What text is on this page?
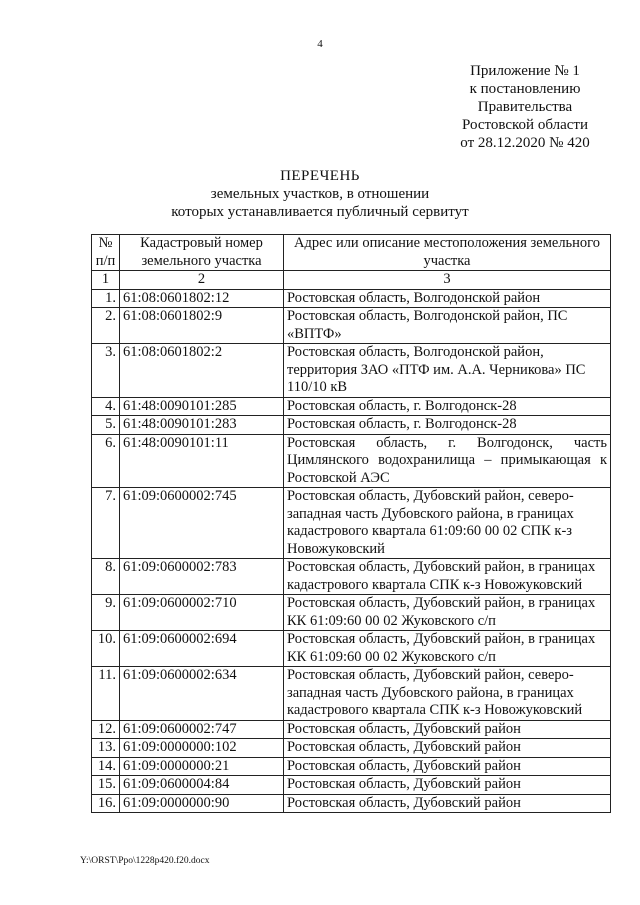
4
Приложение № 1
к постановлению
Правительства
Ростовской области
от 28.12.2020 № 420
ПЕРЕЧЕНЬ
земельных участков, в отношении
которых устанавливается публичный сервитут
№ п/п	Кадастровый номер земельного участка	Адрес или описание местоположения земельного участка
1	2	3
1.	61:08:0601802:12	Ростовская область, Волгодонской район
2.	61:08:0601802:9	Ростовская область, Волгодонской район, ПС «ВПТФ»
3.	61:08:0601802:2	Ростовская область, Волгодонской район, территория ЗАО «ПТФ им. А.А. Черникова» ПС 110/10 кВ
4.	61:48:0090101:285	Ростовская область, г. Волгодонск-28
5.	61:48:0090101:283	Ростовская область, г. Волгодонск-28
6.	61:48:0090101:11	Ростовская область, г. Волгодонск, часть Цимлянского водохранилища – примыкающая к Ростовской АЭС
7.	61:09:0600002:745	Ростовская область, Дубовский район, северо-западная часть Дубовского района, в границах кадастрового квартала 61:09:60 00 02 СПК к-з Новожуковский
8.	61:09:0600002:783	Ростовская область, Дубовский район, в границах кадастрового квартала СПК к-з Новожуковский
9.	61:09:0600002:710	Ростовская область, Дубовский район, в границах КК 61:09:60 00 02 Жуковского с/п
10.	61:09:0600002:694	Ростовская область, Дубовский район, в границах КК 61:09:60 00 02 Жуковского с/п
11.	61:09:0600002:634	Ростовская область, Дубовский район, северо-западная часть Дубовского района, в границах кадастрового квартала СПК к-з Новожуковский
12.	61:09:0600002:747	Ростовская область, Дубовский район
13.	61:09:0000000:102	Ростовская область, Дубовский район
14.	61:09:0000000:21	Ростовская область, Дубовский район
15.	61:09:0600004:84	Ростовская область, Дубовский район
16.	61:09:0000000:90	Ростовская область, Дубовский район
Y:\ORST\Ppo\1228p420.f20.docx
